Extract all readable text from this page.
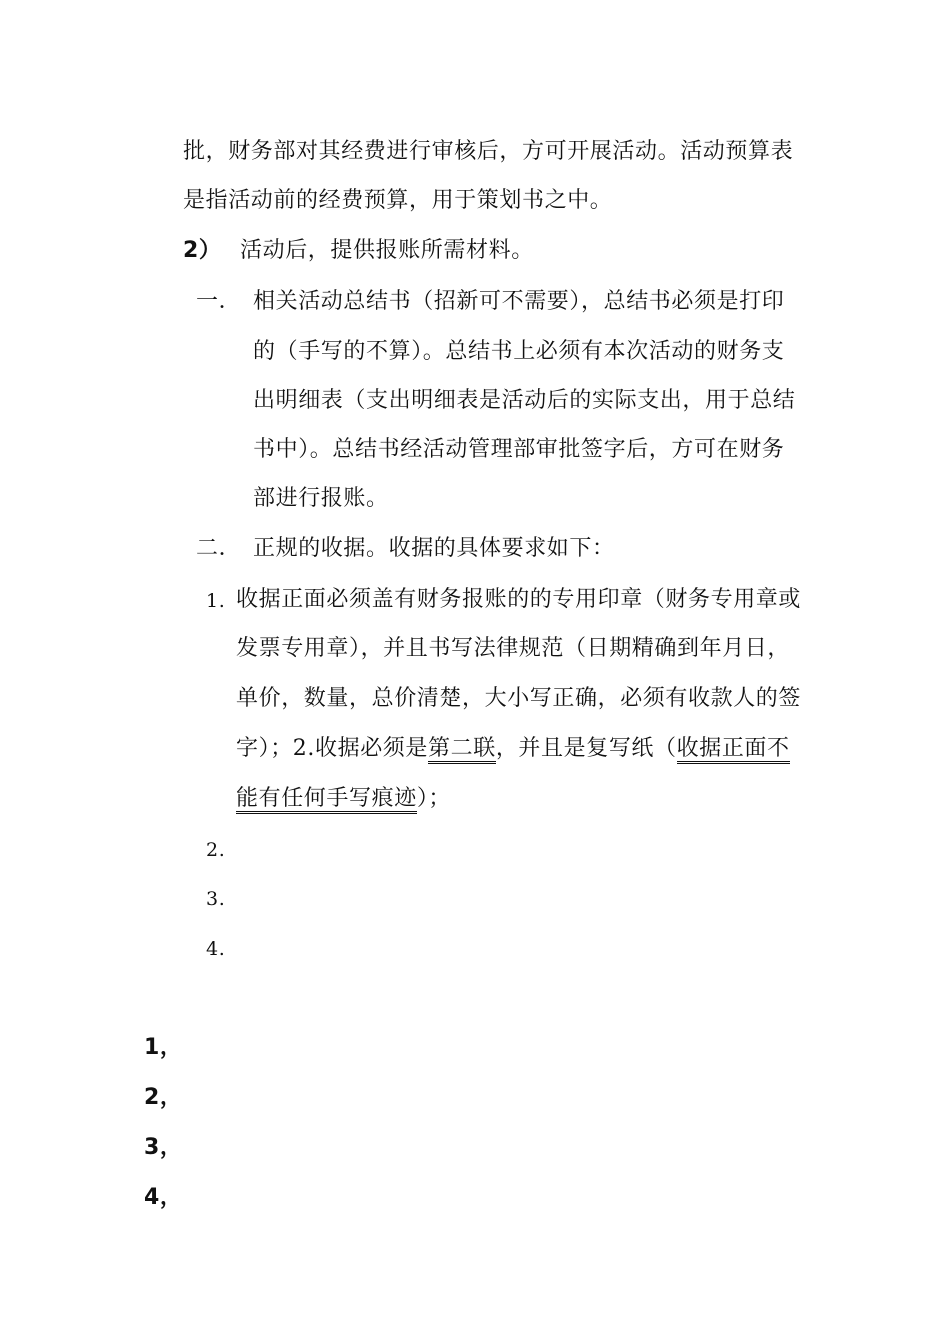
批，财务部对其经费进行审核后，方可开展活动。活动预算表
是指活动前的经费预算，用于策划书之中。
2） 活动后，提供报账所需材料。
一． 相关活动总结书（招新可不需要），总结书必须是打印
的（手写的不算）。总结书上必须有本次活动的财务支
出明细表（支出明细表是活动后的实际支出，用于总结
书中）。总结书经活动管理部审批签字后，方可在财务
部进行报账。
二． 正规的收据。收据的具体要求如下：
1. 收据正面必须盖有财务报账的的专用印章（财务专用章或
发票专用章），并且书写法律规范（日期精确到年月日，
单价，数量，总价清楚，大小写正确，必须有收款人的签
字）；2.收据必须是第二联，并且是复写纸（收据正面不
能有任何手写痕迹）；
2.
3.
4.
1，
2，
3，
4，
